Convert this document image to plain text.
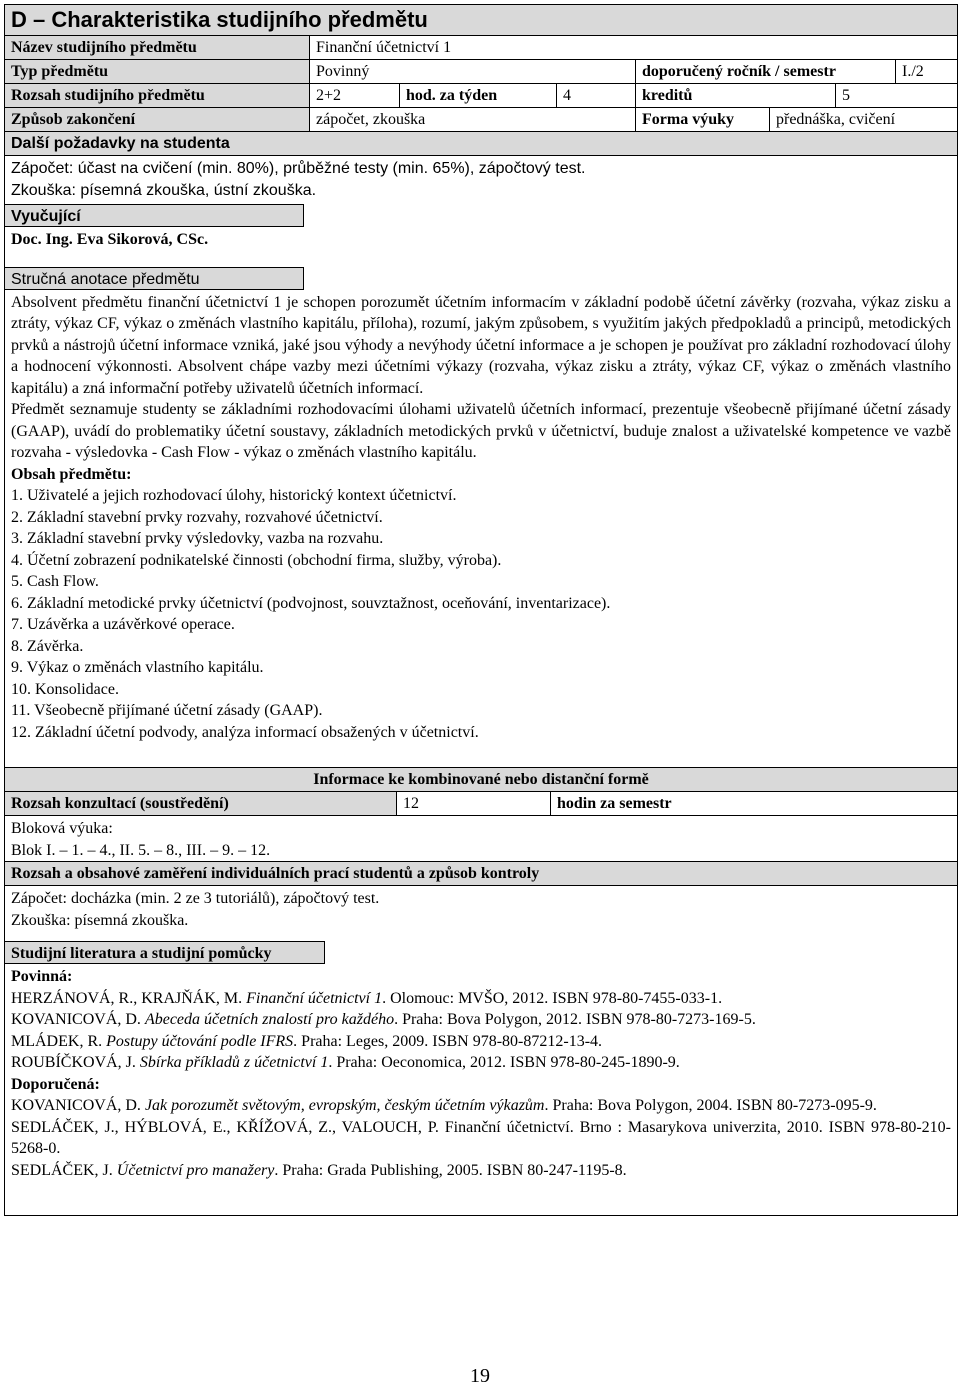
D – Charakteristika studijního předmětu
Název studijního předmětu	Finanční účetnictví 1
Typ předmětu	Povinný	doporučený ročník / semestr	I./2
Rozsah studijního předmětu	2+2	hod. za týden	4	kreditů	5
Způsob zakončení	zápočet, zkouška	Forma výuky	přednáška, cvičení
Další požadavky na studenta

Zápočet: účast na cvičení (min. 80%), průběžné testy (min. 65%), zápočtový test.

Zkouška: písemná zkouška, ústní zkouška.

Vyučující
Doc. Ing. Eva Sikorová, CSc.
Stručná anotace předmětu

Absolvent předmětu finanční účetnictví 1 je schopen porozumět účetním informacím v základní podobě účetní závěrky (rozvaha, výkaz zisku a ztráty, výkaz CF, výkaz o změnách vlastního kapitálu, příloha), rozumí, jakým způsobem, s využitím jakých předpokladů a principů, metodických prvků a nástrojů účetní informace vzniká, jaké jsou výhody a nevýhody účetní informace a je schopen je používat pro základní rozhodovací úlohy a hodnocení výkonnosti. Absolvent chápe vazby mezi účetními výkazy (rozvaha, výkaz zisku a ztráty, výkaz CF, výkaz o změnách vlastního kapitálu) a zná informační potřeby uživatelů účetních informací.

Předmět seznamuje studenty se základními rozhodovacími úlohami uživatelů účetních informací, prezentuje všeobecně přijímané účetní zásady (GAAP), uvádí do problematiky účetní soustavy, základních metodických prvků v účetnictví, buduje znalost a uživatelské kompetence ve vazbě rozvaha - výsledovka - Cash Flow - výkaz o změnách vlastního kapitálu.

Obsah předmětu:

1. Uživatelé a jejich rozhodovací úlohy, historický kontext účetnictví.

2. Základní stavební prvky rozvahy, rozvahové účetnictví.

3. Základní stavební prvky výsledovky, vazba na rozvahu.

4. Účetní zobrazení podnikatelské činnosti (obchodní firma, služby, výroba).

5. Cash Flow.

6. Základní metodické prvky účetnictví (podvojnost, souvztažnost, oceňování, inventarizace).

7. Uzávěrka a uzávěrkové operace.

8. Závěrka.

9. Výkaz o změnách vlastního kapitálu.

10. Konsolidace.

11. Všeobecně přijímané účetní zásady (GAAP).

12. Základní účetní podvody, analýza informací obsažených v účetnictví.

Informace ke kombinované nebo distanční formě
Rozsah konzultací (soustředění)	12	hodin za semestr

Bloková výuka:

Blok I. – 1. – 4., II. 5. – 8., III. – 9. – 12.

Rozsah a obsahové zaměření individuálních prací studentů a způsob kontroly

Zápočet: docházka (min. 2 ze 3 tutoriálů), zápočtový test.

Zkouška: písemná zkouška.

Studijní literatura a studijní pomůcky

Povinná:

HERZÁNOVÁ, R., KRAJŇÁK, M. Finanční účetnictví 1. Olomouc: MVŠO, 2012. ISBN 978-80-7455-033-1.

KOVANICOVÁ, D. Abeceda účetních znalostí pro každého. Praha: Bova Polygon, 2012. ISBN 978-80-7273-169-5.

MLÁDEK, R. Postupy účtování podle IFRS. Praha: Leges, 2009. ISBN 978-80-87212-13-4.

ROUBÍČKOVÁ, J. Sbírka příkladů z účetnictví 1. Praha: Oeconomica, 2012. ISBN 978-80-245-1890-9.

Doporučená:

KOVANICOVÁ, D. Jak porozumět světovým, evropským, českým účetním výkazům. Praha: Bova Polygon, 2004. ISBN 80-7273-095-9.

SEDLÁČEK, J., HÝBLOVÁ, E., KŘÍŽOVÁ, Z., VALOUCH, P. Finanční účetnictví. Brno : Masarykova univerzita, 2010. ISBN 978-80-210-5268-0.

SEDLÁČEK, J. Účetnictví pro manažery. Praha: Grada Publishing, 2005. ISBN 80-247-1195-8.

19
